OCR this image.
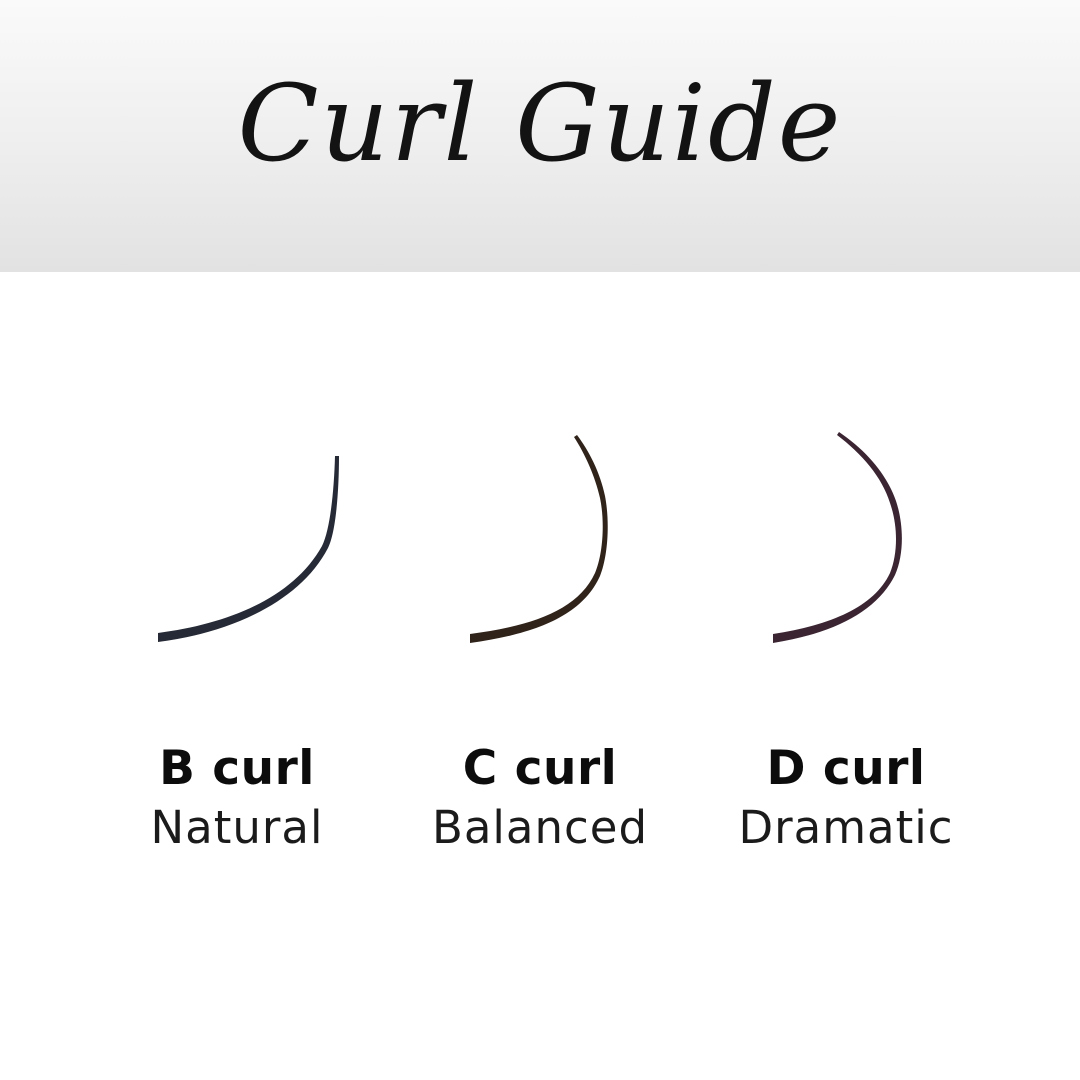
Curl Guide
B curl
Natural
C curl
Balanced
D curl
Dramatic
